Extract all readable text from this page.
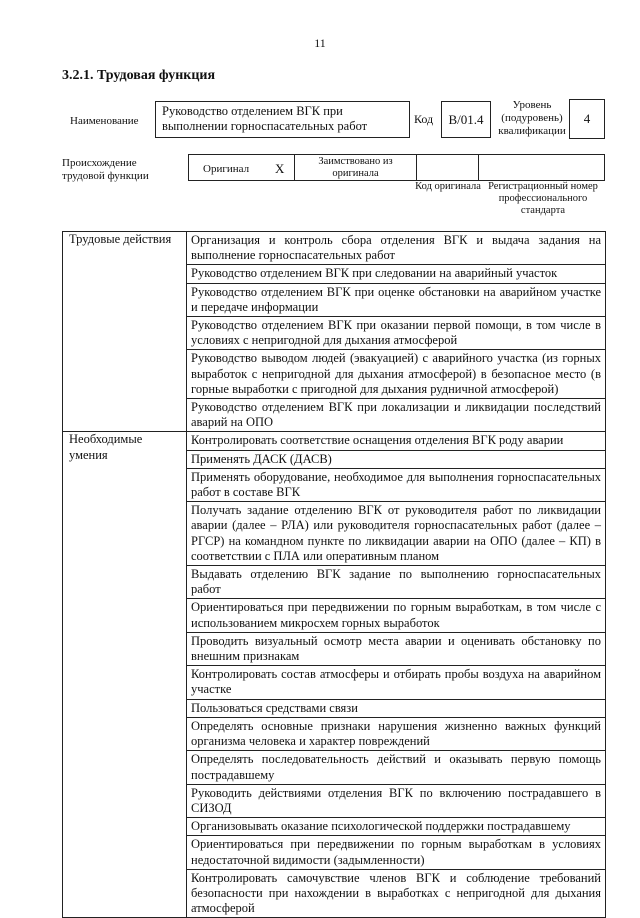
11
3.2.1. Трудовая функция
Наименование
Руководство отделением ВГК при выполнении горноспасательных работ	Код	В/01.4
Уровень (подуровень) квалификации
4
Происхождение трудовой функции
Оригинал X	Заимствовано из оригинала
Код оригинала Регистрационный номер профессионального стандарта
Трудовые действия	Организация и контроль сбора отделения ВГК и выдача задания на выполнение горноспасательных работ
	Руководство отделением ВГК при следовании на аварийный участок
	Руководство отделением ВГК при оценке обстановки на аварийном участке и передаче информации
	Руководство отделением ВГК при оказании первой помощи, в том числе в условиях с непригодной для дыхания атмосферой
	Руководство выводом людей (эвакуацией) с аварийного участка (из горных выработок с непригодной для дыхания атмосферой) в безопасное место (в горные выработки с пригодной для дыхания рудничной атмосферой)
	Руководство отделением ВГК при локализации и ликвидации последствий аварий на ОПО
Необходимые умения	Контролировать соответствие оснащения отделения ВГК роду аварии
	Применять ДАСК (ДАСВ)
	Применять оборудование, необходимое для выполнения горноспасательных работ в составе ВГК
	Получать задание отделению ВГК от руководителя работ по ликвидации аварии (далее – РЛА) или руководителя горноспасательных работ (далее – РГСР) на командном пункте по ликвидации аварии на ОПО (далее – КП) в соответствии с ПЛА или оперативным планом
	Выдавать отделению ВГК задание по выполнению горноспасательных работ
	Ориентироваться при передвижении по горным выработкам, в том числе с использованием микросхем горных выработок
	Проводить визуальный осмотр места аварии и оценивать обстановку по внешним признакам
	Контролировать состав атмосферы и отбирать пробы воздуха на аварийном участке
	Пользоваться средствами связи
	Определять основные признаки нарушения жизненно важных функций организма человека и характер повреждений
	Определять последовательность действий и оказывать первую помощь пострадавшему
	Руководить действиями отделения ВГК по включению пострадавшего в СИЗОД
	Организовывать оказание психологической поддержки пострадавшему
	Ориентироваться при передвижении по горным выработкам в условиях недостаточной видимости (задымленности)
	Контролировать самочувствие членов ВГК и соблюдение требований безопасности при нахождении в выработках с непригодной для дыхания атмосферой
